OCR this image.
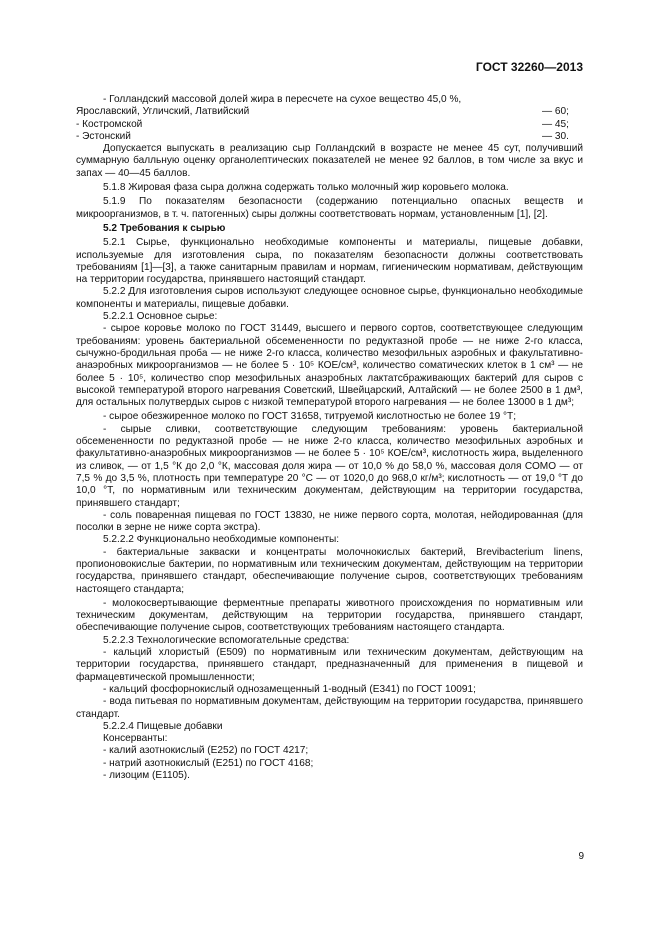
ГОСТ 32260—2013

- Голландский массовой долей жира в пересчете на сухое вещество 45,0 %,

Ярославский, Угличский, Латвийский	— 60;
- Костромской	— 45;
- Эстонский	— 30.

Допускается выпускать в реализацию сыр Голландский в возрасте не менее 45 сут, получивший суммарную балльную оценку органолептических показателей не менее 92 баллов, в том числе за вкус и запах — 40—45 баллов.

5.1.8 Жировая фаза сыра должна содержать только молочный жир коровьего молока.

5.1.9 По показателям безопасности (содержанию потенциально опасных веществ и микроорганизмов, в т. ч. патогенных) сыры должны соответствовать нормам, установленным [1], [2].

5.2 Требования к сырью

5.2.1 Сырье, функционально необходимые компоненты и материалы, пищевые добавки, используемые для изготовления сыра, по показателям безопасности должны соответствовать требованиям [1]—[3], а также санитарным правилам и нормам, гигиеническим нормативам, действующим на территории государства, принявшего настоящий стандарт.

5.2.2 Для изготовления сыров используют следующее основное сырье, функционально необходимые компоненты и материалы, пищевые добавки.

5.2.2.1 Основное сырье:

- сырое коровье молоко по ГОСТ 31449, высшего и первого сортов, соответствующее следующим требованиям: уровень бактериальной обсемененности по редуктазной пробе — не ниже 2-го класса, сычужно-бродильная проба — не ниже 2-го класса, количество мезофильных аэробных и факультативно-анаэробных микроорганизмов — не более 5 · 10⁵ КОЕ/см³, количество соматических клеток в 1 см³ — не более 5 · 10⁵, количество спор мезофильных анаэробных лактатсбраживающих бактерий для сыров с высокой температурой второго нагревания Советский, Швейцарский, Алтайский — не более 2500 в 1 дм³, для остальных полутвердых сыров с низкой температурой второго нагревания — не более 13000 в 1 дм³;

- сырое обезжиренное молоко по ГОСТ 31658, титруемой кислотностью не более 19 °Т;

- сырые сливки, соответствующие следующим требованиям: уровень бактериальной обсемененности по редуктазной пробе — не ниже 2-го класса, количество мезофильных аэробных и факультативно-анаэробных микроорганизмов — не более 5 · 10⁵ КОЕ/см³, кислотность жира, выделенного из сливок, — от 1,5 °К до 2,0 °К, массовая доля жира — от 10,0 % до 58,0 %, массовая доля СОМО — от 7,5 % до 3,5 %, плотность при температуре 20 °С — от 1020,0 до 968,0 кг/м³; кислотность — от 19,0 °Т до 10,0 °Т, по нормативным или техническим документам, действующим на территории государства, принявшего стандарт;

- соль поваренная пищевая по ГОСТ 13830, не ниже первого сорта, молотая, нейодированная (для посолки в зерне не ниже сорта экстра).

5.2.2.2 Функционально необходимые компоненты:

- бактериальные закваски и концентраты молочнокислых бактерий, Brevibacterium linens, пропионовокислые бактерии, по нормативным или техническим документам, действующим на территории государства, принявшего стандарт, обеспечивающие получение сыров, соответствующих требованиям настоящего стандарта;

- молокосвертывающие ферментные препараты животного происхождения по нормативным или техническим документам, действующим на территории государства, принявшего стандарт, обеспечивающие получение сыров, соответствующих требованиям настоящего стандарта.

5.2.2.3 Технологические вспомогательные средства:

- кальций хлористый (Е509) по нормативным или техническим документам, действующим на территории государства, принявшего стандарт, предназначенный для применения в пищевой и фармацевтической промышленности;

- кальций фосфорнокислый однозамещенный 1-водный (Е341) по ГОСТ 10091;

- вода питьевая по нормативным документам, действующим на территории государства, принявшего стандарт.

5.2.2.4 Пищевые добавки

Консерванты:

- калий азотнокислый (Е252) по ГОСТ 4217;

- натрий азотнокислый (Е251) по ГОСТ 4168;

- лизоцим (Е1105).

9
